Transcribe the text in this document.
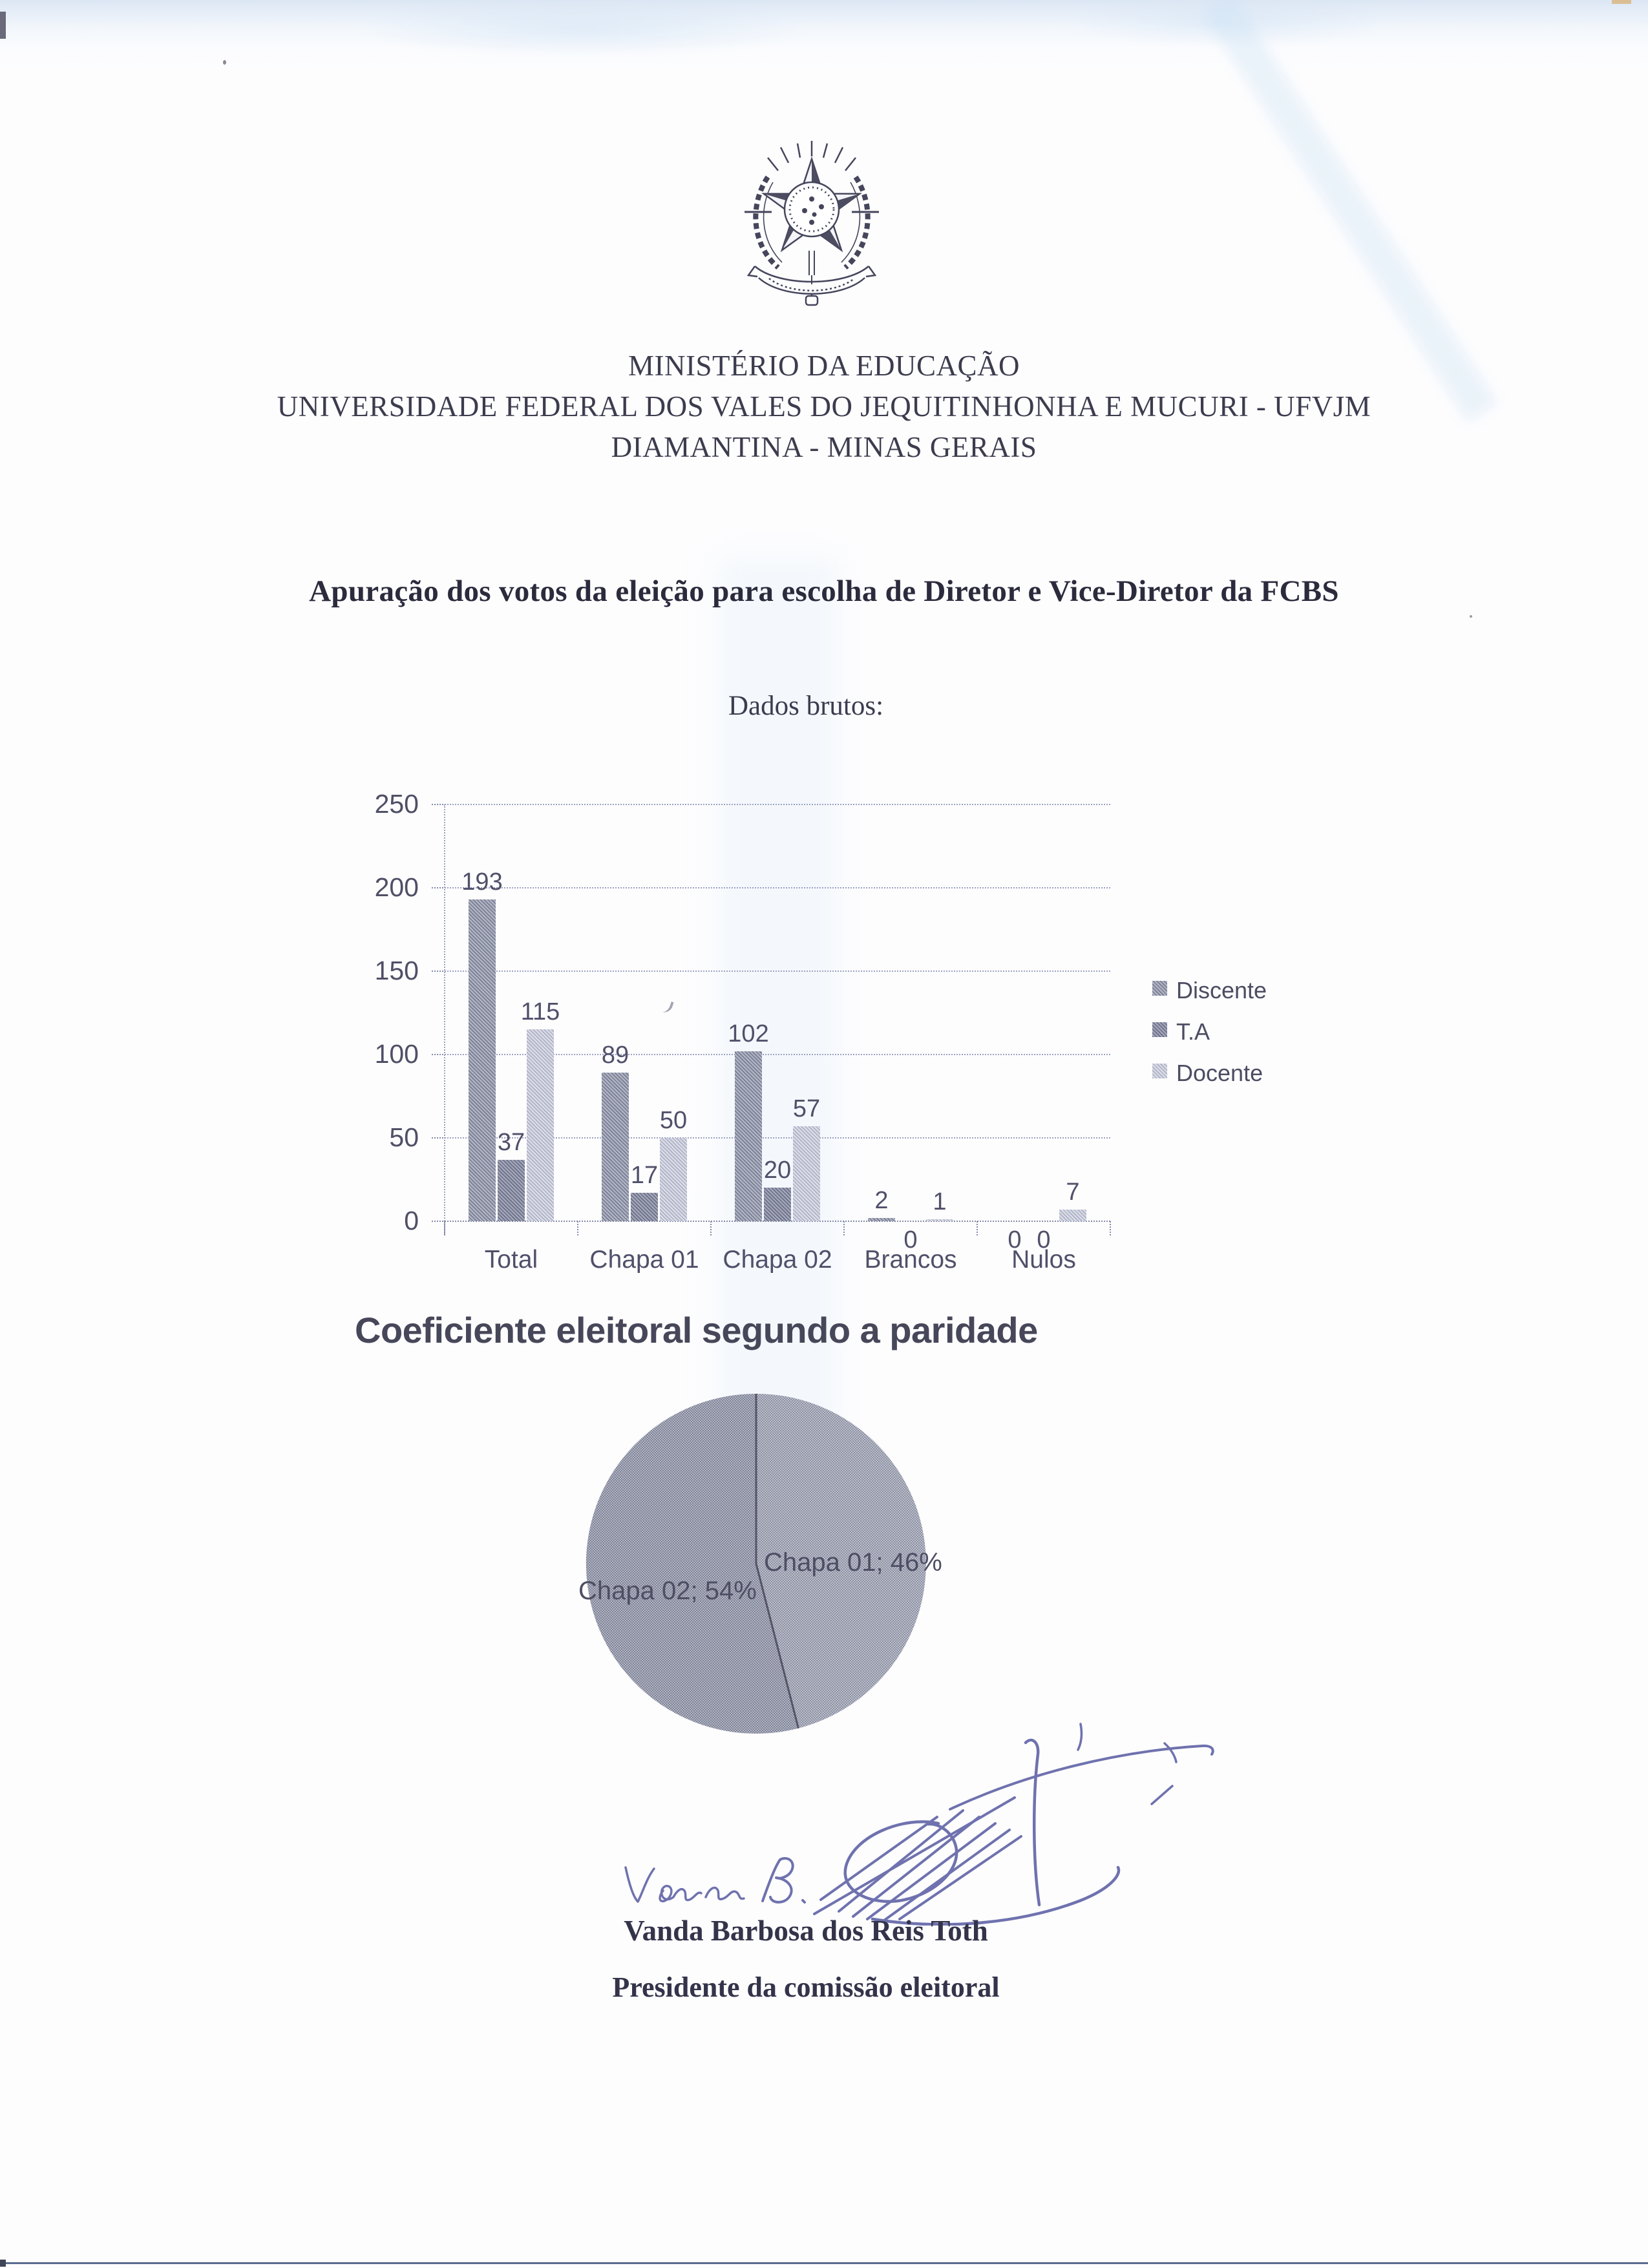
MINISTÉRIO DA EDUCAÇÃO
UNIVERSIDADE FEDERAL DOS VALES DO JEQUITINHONHA E MUCURI - UFVJM
DIAMANTINA - MINAS GERAIS
Apuração dos votos da eleição para escolha de Diretor e Vice-Diretor da FCBS
Dados brutos:
0
50
100
150
200
250
Total	Chapa 01 Chapa 02	Brancos	Nulos
193
89
102
2
0
37
17	20
0	0
115
50	57
1	7
Discente
T.A
Docente
Coeficiente eleitoral segundo a paridade
Chapa 01; 46%
Chapa 02; 54%
Vanda Barbosa dos Reis Toth
Presidente da comissão eleitoral
